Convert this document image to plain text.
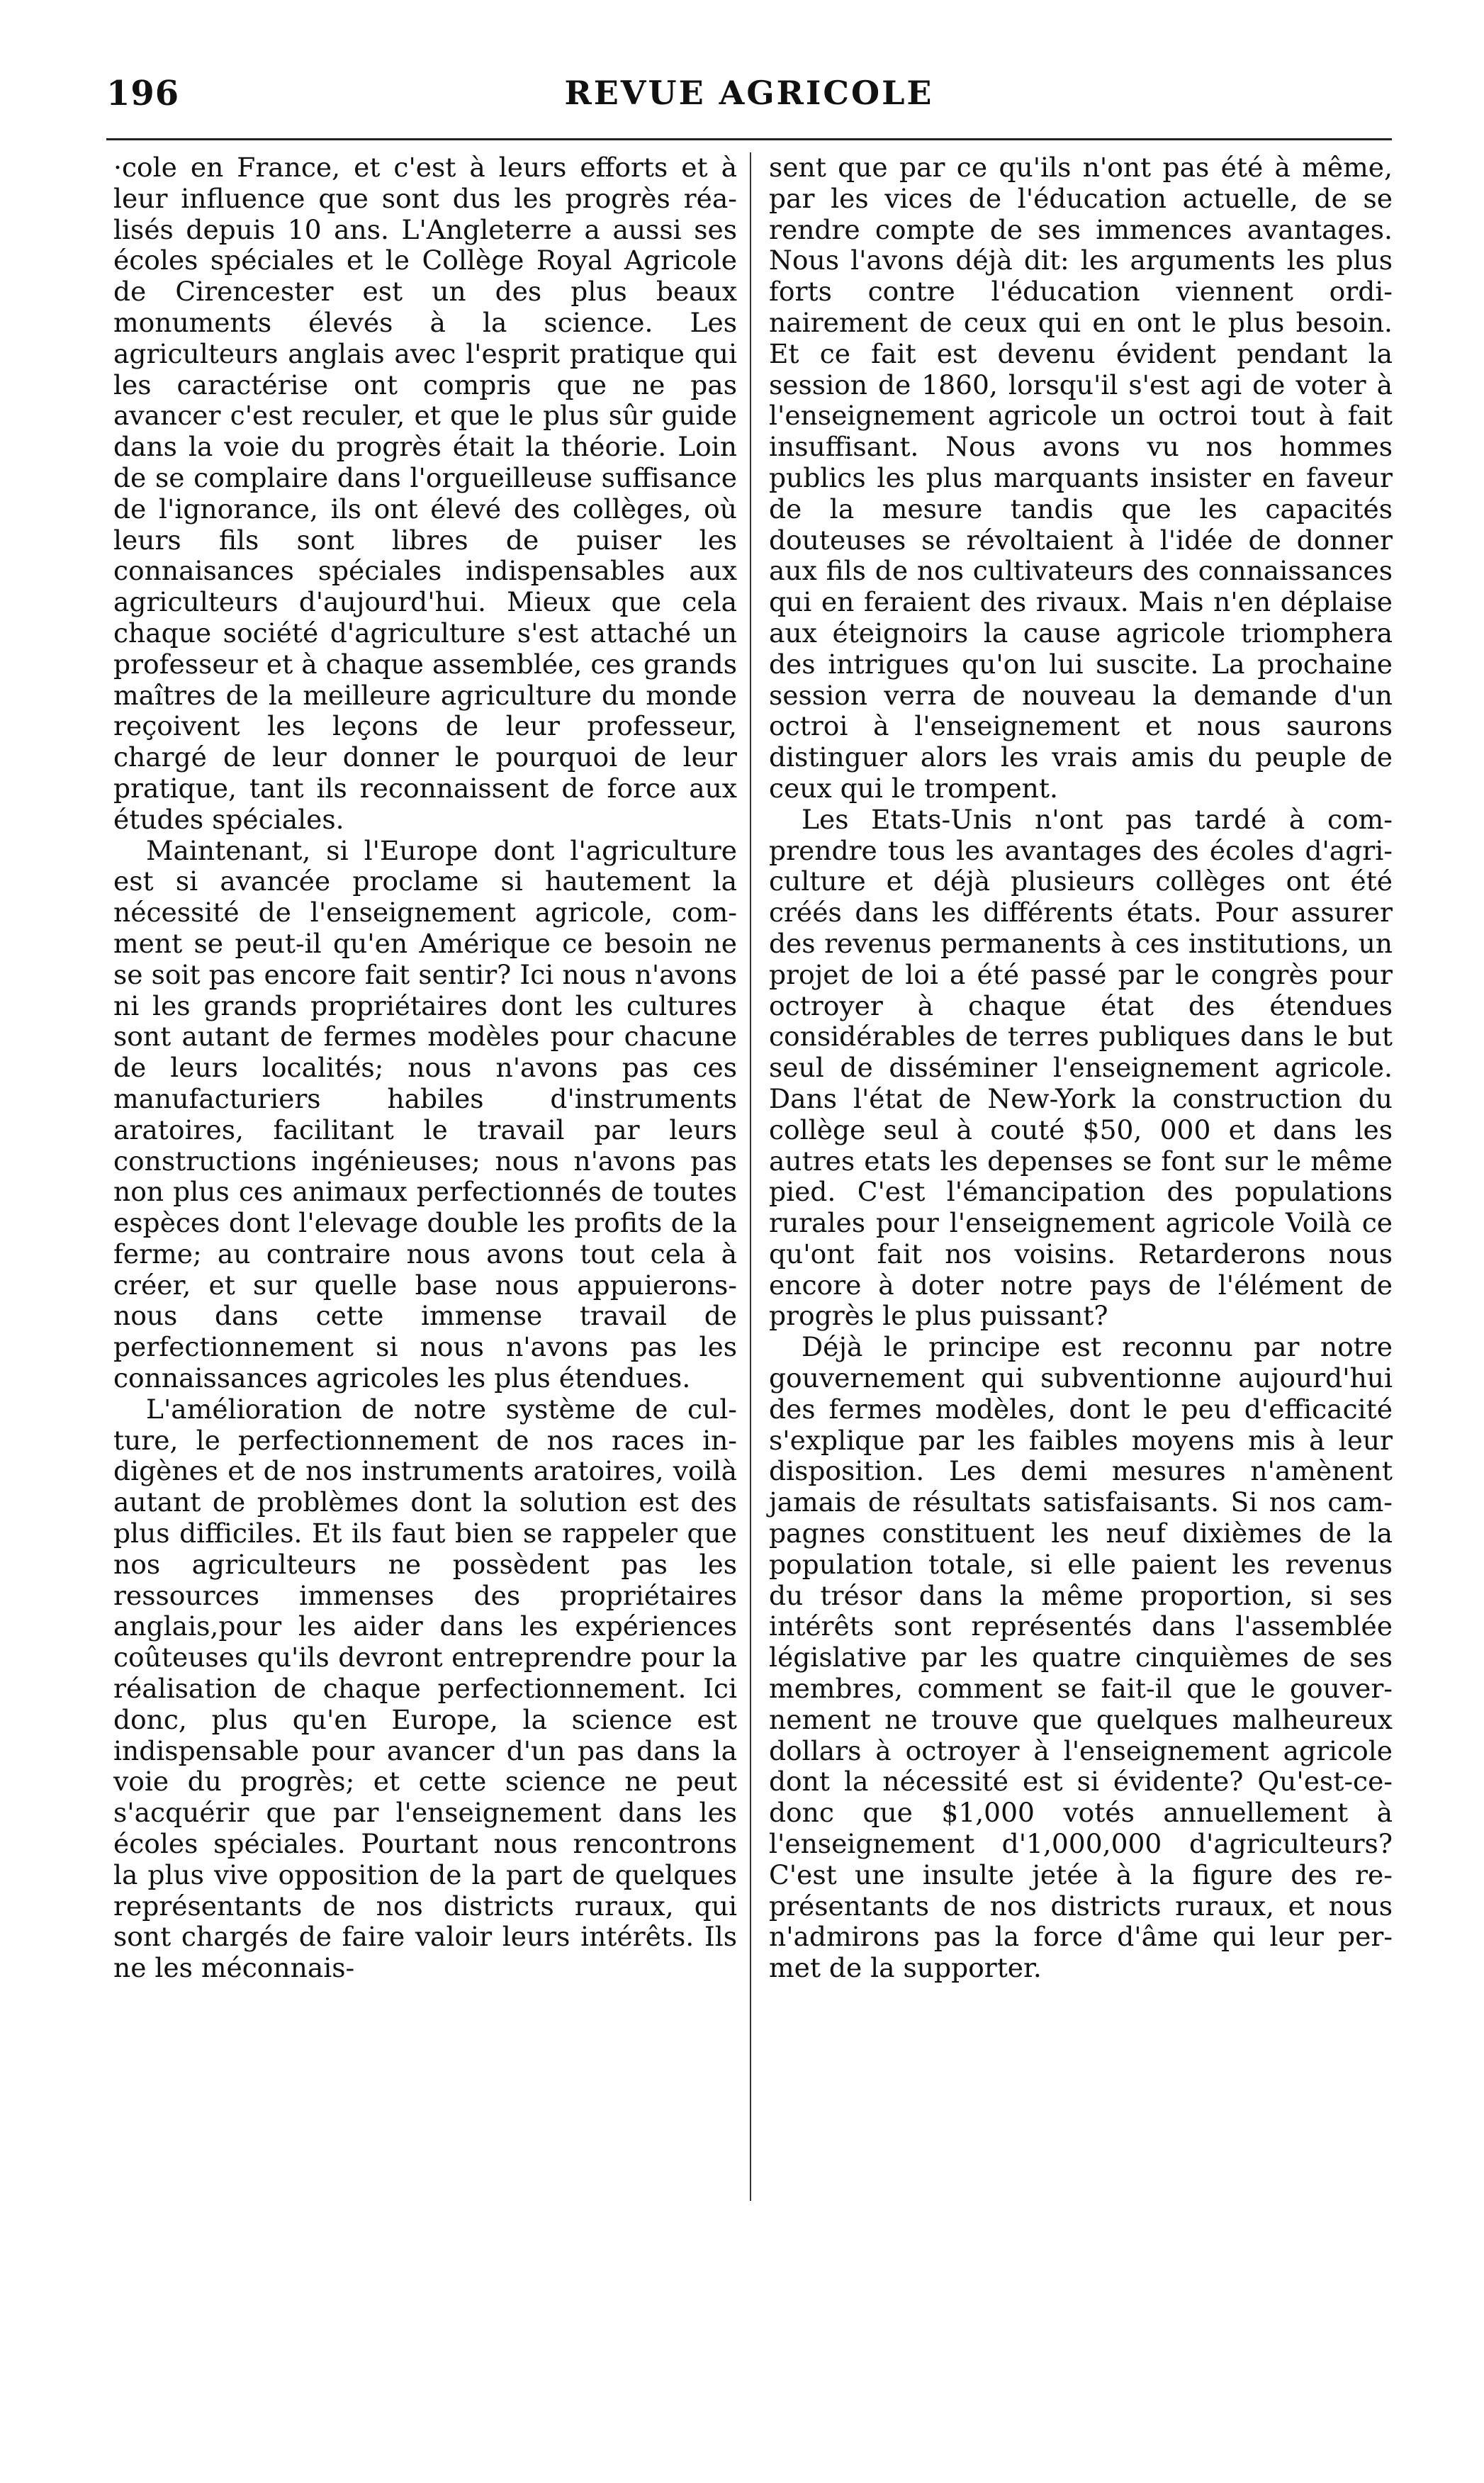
196	REVUE AGRICOLE

·cole en France, et c'est à leurs efforts et à leur influence que sont dus les progrès réalisés depuis 10 ans. L'Angleterre a aussi ses écoles spéciales et le Collège Royal Agricole de Cirencester est un des plus beaux monuments élevés à la science. Les agriculteurs anglais avec l'esprit pratique qui les caractérise ont compris que ne pas avancer c'est reculer, et que le plus sûr guide dans la voie du progrès était la théorie. Loin de se complaire dans l'orgueilleuse suffisance de l'ignorance, ils ont élevé des collèges, où leurs fils sont libres de puiser les connaisances spéciales indispensables aux agriculteurs d'aujourd'hui. Mieux que cela chaque société d'agriculture s'est attaché un professeur et à chaque assemblée, ces grands maîtres de la meilleure agriculture du monde reçoivent les leçons de leur professeur, chargé de leur donner le pourquoi de leur pratique, tant ils reconnaissent de force aux études spéciales.

Maintenant, si l'Europe dont l'agriculture est si avancée proclame si hautement la nécessité de l'enseignement agricole, comment se peut-il qu'en Amérique ce besoin ne se soit pas encore fait sentir? Ici nous n'avons ni les grands propriétaires dont les cultures sont autant de fermes modèles pour chacune de leurs localités; nous n'avons pas ces manufacturiers habiles d'instruments aratoires, facilitant le travail par leurs constructions ingénieuses; nous n'avons pas non plus ces animaux perfectionnés de toutes espèces dont l'elevage double les profits de la ferme; au contraire nous avons tout cela à créer, et sur quelle base nous appuierons-nous dans cette immense travail de perfectionnement si nous n'avons pas les connaissances agricoles les plus étendues.

L'amélioration de notre système de culture, le perfectionnement de nos races indigènes et de nos instruments aratoires, voilà autant de problèmes dont la solution est des plus difficiles. Et ils faut bien se rappeler que nos agriculteurs ne possèdent pas les ressources immenses des propriétaires anglais,pour les aider dans les expériences coûteuses qu'ils devront entreprendre pour la réalisation de chaque perfectionnement. Ici donc, plus qu'en Europe, la science est indispensable pour avancer d'un pas dans la voie du progrès; et cette science ne peut s'acquérir que par l'enseignement dans les écoles spéciales. Pourtant nous rencontrons la plus vive opposition de la part de quelques représentants de nos districts ruraux, qui sont chargés de faire valoir leurs intérêts. Ils ne les méconnais-

sent que par ce qu'ils n'ont pas été à même, par les vices de l'éducation actuelle, de se rendre compte de ses immences avantages. Nous l'avons déjà dit: les arguments les plus forts contre l'éducation viennent ordinairement de ceux qui en ont le plus besoin. Et ce fait est devenu évident pendant la session de 1860, lorsqu'il s'est agi de voter à l'enseignement agricole un octroi tout à fait insuffisant. Nous avons vu nos hommes publics les plus marquants insister en faveur de la mesure tandis que les capacités douteuses se révoltaient à l'idée de donner aux fils de nos cultivateurs des connaissances qui en feraient des rivaux. Mais n'en déplaise aux éteignoirs la cause agricole triomphera des intrigues qu'on lui suscite. La prochaine session verra de nouveau la demande d'un octroi à l'enseignement et nous saurons distinguer alors les vrais amis du peuple de ceux qui le trompent.

Les Etats-Unis n'ont pas tardé à comprendre tous les avantages des écoles d'agriculture et déjà plusieurs collèges ont été créés dans les différents états. Pour assurer des revenus permanents à ces institutions, un projet de loi a été passé par le congrès pour octroyer à chaque état des étendues considérables de terres publiques dans le but seul de disséminer l'enseignement agricole. Dans l'état de New-York la construction du collège seul à couté $50, 000 et dans les autres etats les depenses se font sur le même pied. C'est l'émancipation des populations rurales pour l'enseignement agricole Voilà ce qu'ont fait nos voisins. Retarderons nous encore à doter notre pays de l'élément de progrès le plus puissant?

Déjà le principe est reconnu par notre gouvernement qui subventionne aujourd'hui des fermes modèles, dont le peu d'efficacité s'explique par les faibles moyens mis à leur disposition. Les demi mesures n'amènent jamais de résultats satisfaisants. Si nos campagnes constituent les neuf dixièmes de la population totale, si elle paient les revenus du trésor dans la même proportion, si ses intérêts sont représentés dans l'assemblée législative par les quatre cinquièmes de ses membres, comment se fait-il que le gouvernement ne trouve que quelques malheureux dollars à octroyer à l'enseignement agricole dont la nécessité est si évidente? Qu'est-ce-donc que $1,000 votés annuellement à l'enseignement d'1,000,000 d'agriculteurs? C'est une insulte jetée à la figure des représentants de nos districts ruraux, et nous n'admirons pas la force d'âme qui leur permet de la supporter.
